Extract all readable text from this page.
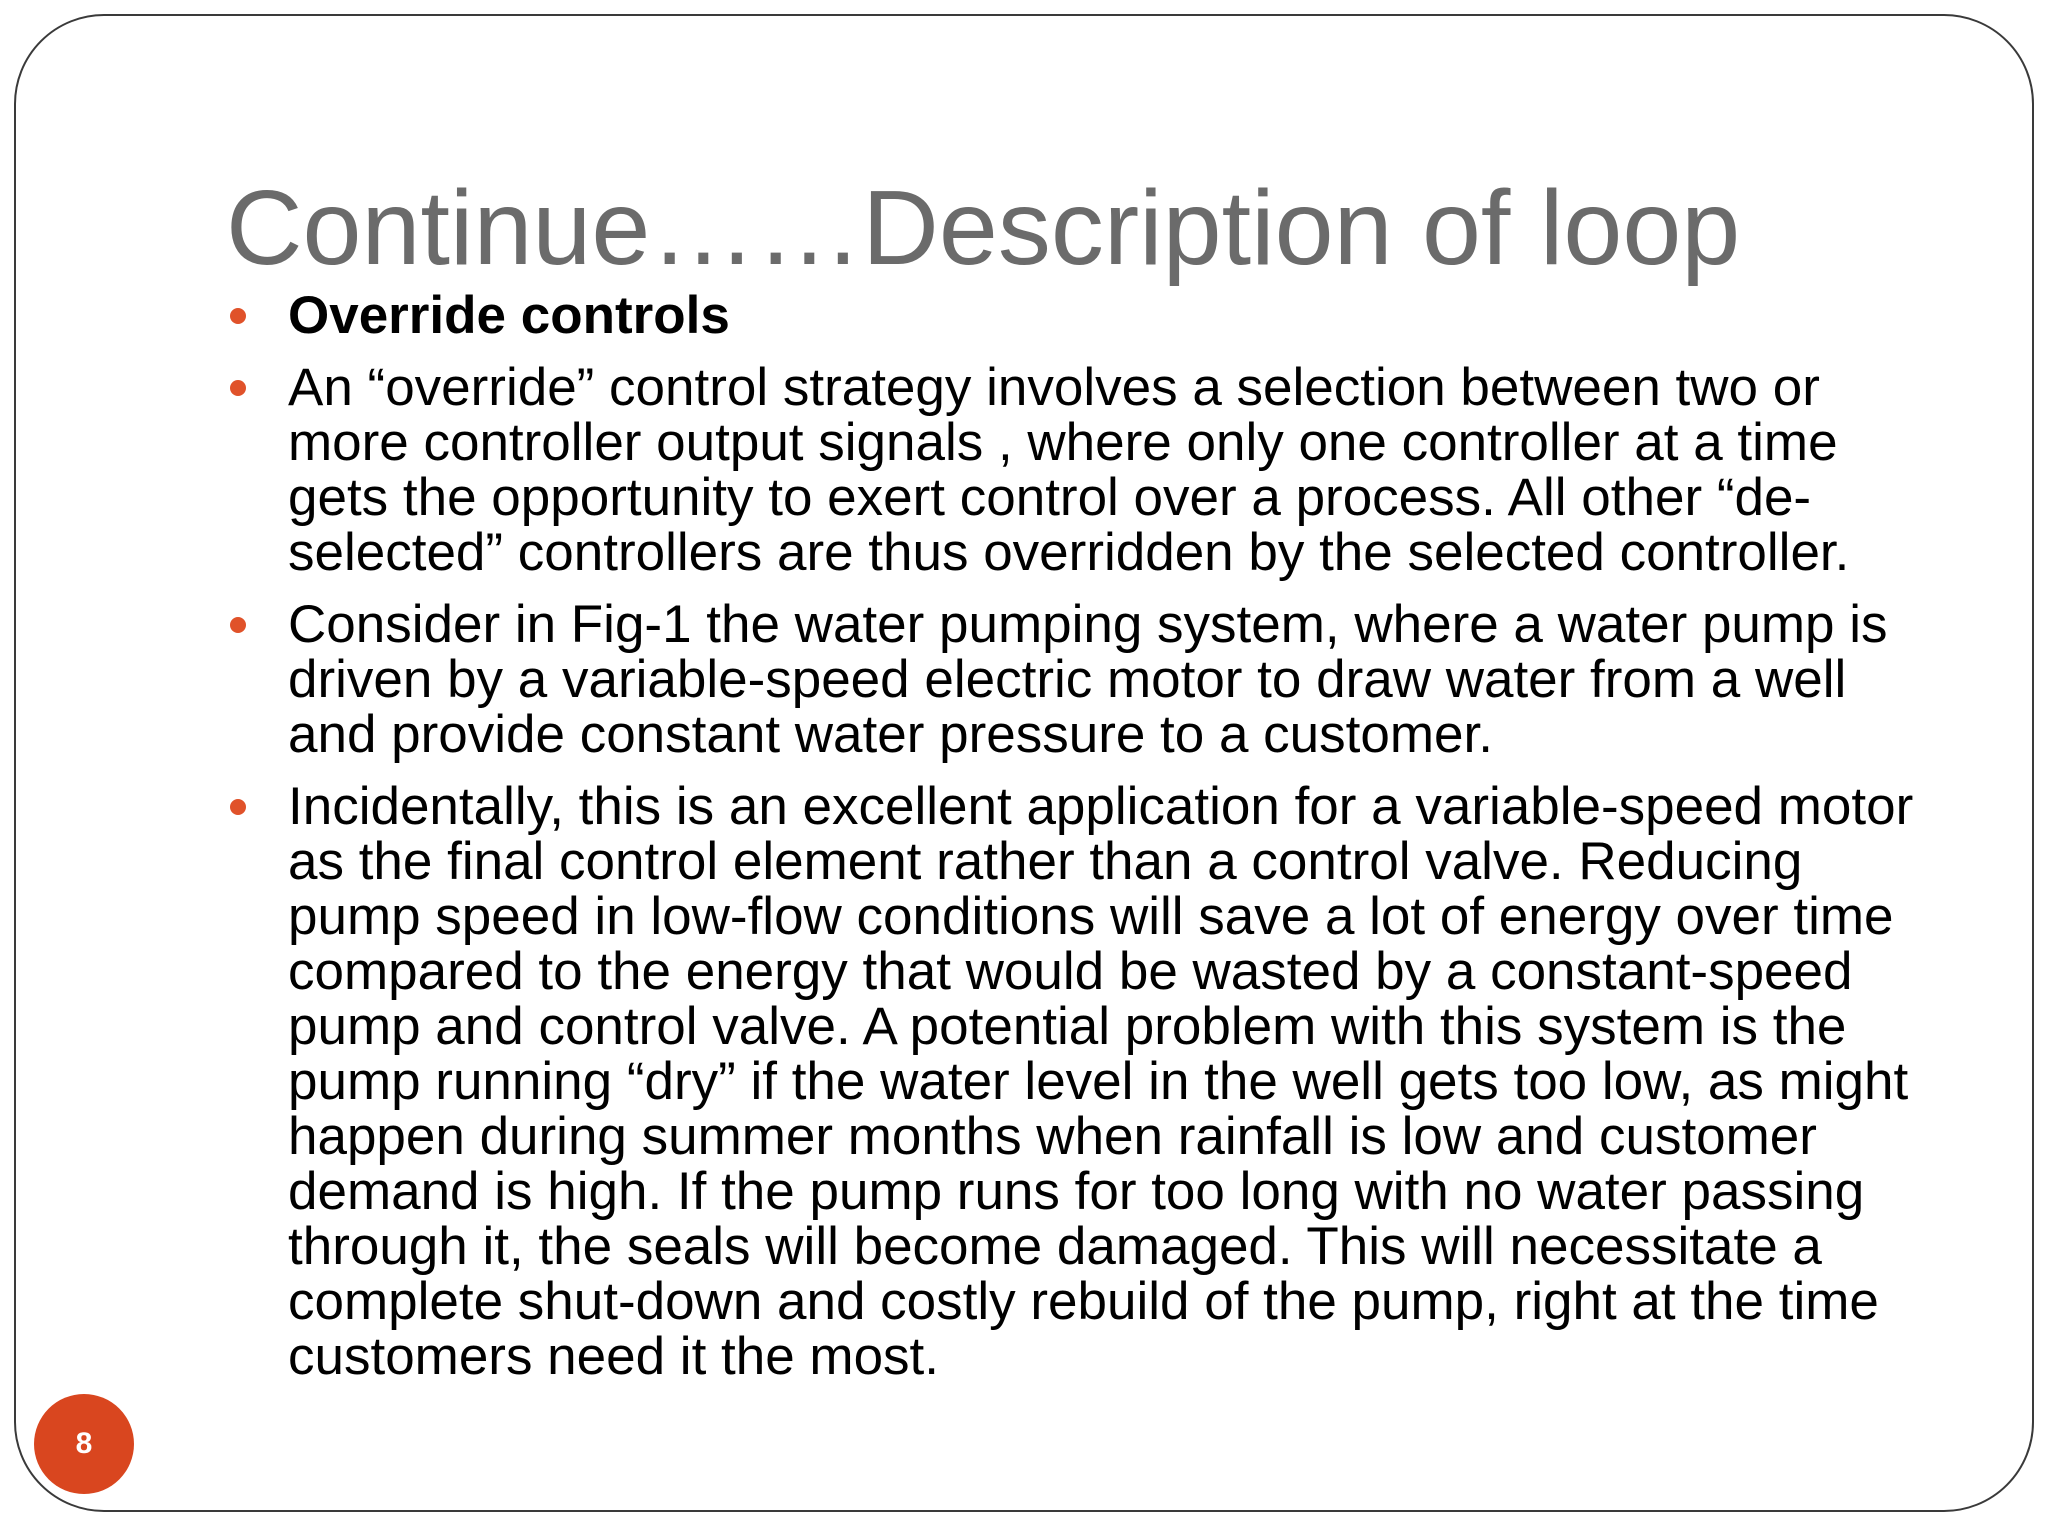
Continue……Description of loop
Override controls
An “override” control strategy involves a selection between two or more controller output signals , where only one controller at a time gets the opportunity to exert control over a process. All other “de-selected” controllers are thus overridden by the selected controller.
Consider in Fig-1 the water pumping system, where a water pump is driven by a variable-speed electric motor to draw water from a well and provide constant water pressure to a customer.
Incidentally, this is an excellent application for a variable-speed motor as the final control element rather than a control valve. Reducing pump speed in low-flow conditions will save a lot of energy over time compared to the energy that would be wasted by a constant-speed pump and control valve. A potential problem with this system is the pump running “dry” if the water level in the well gets too low, as might happen during summer months when rainfall is low and customer demand is high. If the pump runs for too long with no water passing through it, the seals will become damaged. This will necessitate a complete shut-down and costly rebuild of the pump, right at the time customers need it the most.
8
